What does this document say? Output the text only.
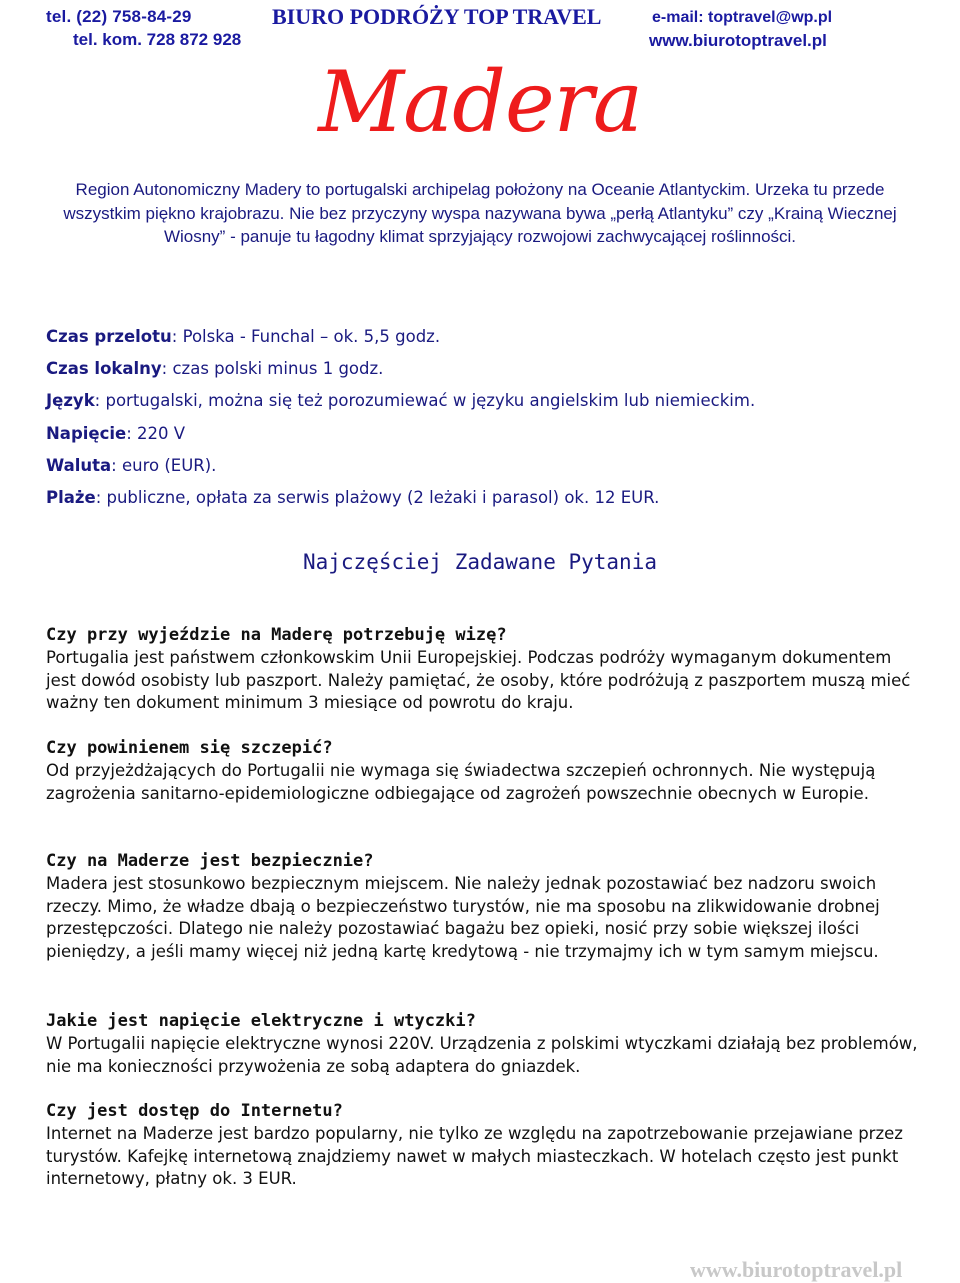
tel. (22) 758-84-29	BIURO PODRÓŻY TOP TRAVEL	e-mail: toptravel@wp.pl
tel. kom. 728 872 928	www.biurotoptravel.pl
Madera

Region Autonomiczny Madery to portugalski archipelag położony na Oceanie Atlantyckim. Urzeka tu przede wszystkim piękno krajobrazu. Nie bez przyczyny wyspa nazywana bywa „perłą Atlantyku” czy „Krainą Wiecznej Wiosny” - panuje tu łagodny klimat sprzyjający rozwojowi zachwycającej roślinności.

Czas przelotu: Polska - Funchal – ok. 5,5 godz.
Czas lokalny: czas polski minus 1 godz.
Język: portugalski, można się też porozumiewać w języku angielskim lub niemieckim.
Napięcie: 220 V
Waluta: euro (EUR).
Plaże: publiczne, opłata za serwis plażowy (2 leżaki i parasol) ok. 12 EUR.
Najczęściej Zadawane Pytania
Czy przy wyjeździe na Maderę potrzebuję wizę?

Portugalia jest państwem członkowskim Unii Europejskiej. Podczas podróży wymaganym dokumentem jest dowód osobisty lub paszport. Należy pamiętać, że osoby, które podróżują z paszportem muszą mieć ważny ten dokument minimum 3 miesiące od powrotu do kraju.

Czy powinienem się szczepić?

Od przyjeżdżających do Portugalii nie wymaga się świadectwa szczepień ochronnych. Nie występują zagrożenia sanitarno-epidemiologiczne odbiegające od zagrożeń powszechnie obecnych w Europie.

Czy na Maderze jest bezpiecznie?

Madera jest stosunkowo bezpiecznym miejscem. Nie należy jednak pozostawiać bez nadzoru swoich rzeczy. Mimo, że władze dbają o bezpieczeństwo turystów, nie ma sposobu na zlikwidowanie drobnej przestępczości. Dlatego nie należy pozostawiać bagażu bez opieki, nosić przy sobie większej ilości pieniędzy, a jeśli mamy więcej niż jedną kartę kredytową - nie trzymajmy ich w tym samym miejscu.

Jakie jest napięcie elektryczne i wtyczki?

W Portugalii napięcie elektryczne wynosi 220V. Urządzenia z polskimi wtyczkami działają bez problemów, nie ma konieczności przywożenia ze sobą adaptera do gniazdek.

Czy jest dostęp do Internetu?

Internet na Maderze jest bardzo popularny, nie tylko ze względu na zapotrzebowanie przejawiane przez turystów. Kafejkę internetową znajdziemy nawet w małych miasteczkach. W hotelach często jest punkt internetowy, płatny ok. 3 EUR.

www.biurotoptravel.pl
